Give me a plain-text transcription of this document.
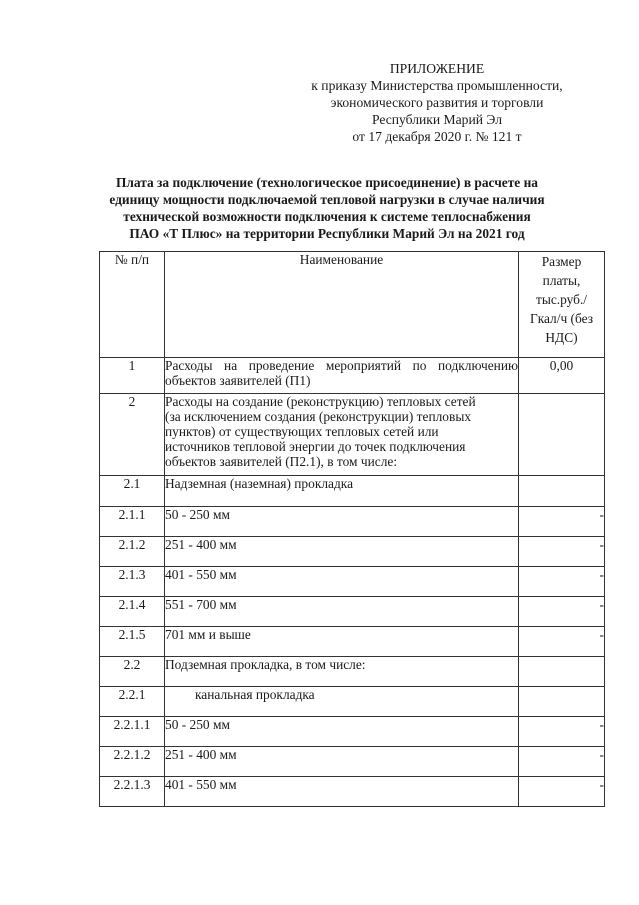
ПРИЛОЖЕНИЕ
к приказу Министерства промышленности,
экономического развития и торговли
Республики Марий Эл
от 17 декабря 2020 г. № 121 т
Плата за подключение (технологическое присоединение) в расчете на
единицу мощности подключаемой тепловой нагрузки в случае наличия
технической возможности подключения к системе теплоснабжения
ПАО «Т Плюс» на территории Республики Марий Эл на 2021 год
№ п/п	Наименование	Размер
платы,
тыс.руб./
Гкал/ч (без
НДС)

1	Расходы на проведение мероприятий по подключению
объектов заявителей (П1)	0,00
2	Расходы на создание (реконструкцию) тепловых сетей
(за исключением создания (реконструкции) тепловых
пунктов) от существующих тепловых сетей или
источников тепловой энергии до точек подключения
объектов заявителей (П2.1), в том числе:	

2.1	Надземная (наземная) прокладка	
2.1.1	50 - 250 мм	-
2.1.2	251 - 400 мм	-
2.1.3	401 - 550 мм	-
2.1.4	551 - 700 мм	-
2.1.5	701 мм и выше	-
2.2	Подземная прокладка, в том числе:	
2.2.1	канальная прокладка	
2.2.1.1	50 - 250 мм	-
2.2.1.2	251 - 400 мм	-
2.2.1.3	401 - 550 мм	-
